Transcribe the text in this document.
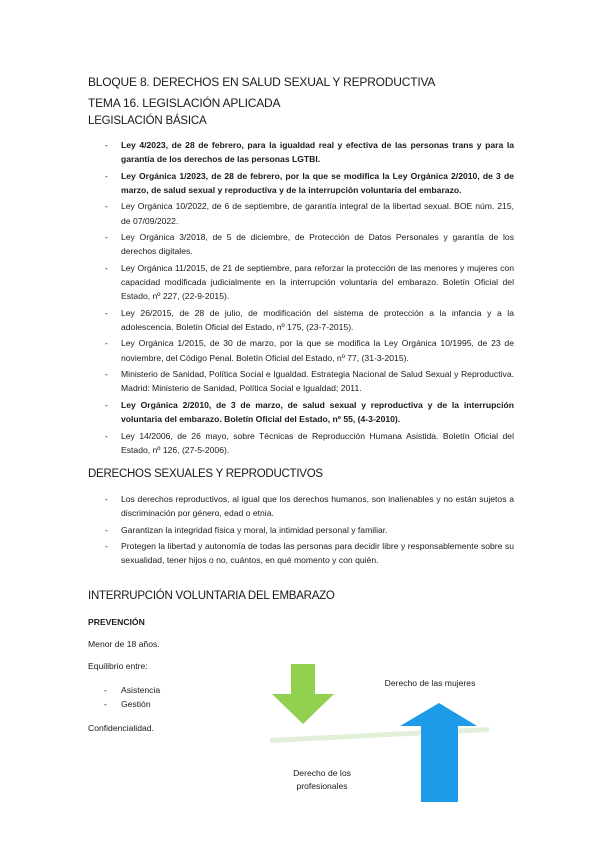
BLOQUE 8. DERECHOS EN SALUD SEXUAL Y REPRODUCTIVA

TEMA 16. LEGISLACIÓN APLICADA

LEGISLACIÓN BÁSICA

- Ley 4/2023, de 28 de febrero, para la igualdad real y efectiva de las personas trans y para la garantía de los derechos de las personas LGTBI.
- Ley Orgánica 1/2023, de 28 de febrero, por la que se modifica la Ley Orgánica 2/2010, de 3 de marzo, de salud sexual y reproductiva y de la interrupción voluntaria del embarazo.
- Ley Orgánica 10/2022, de 6 de septiembre, de garantía integral de la libertad sexual. BOE núm. 215, de 07/09/2022.
- Ley Orgánica 3/2018, de 5 de diciembre, de Protección de Datos Personales y garantía de los derechos digitales.
- Ley Orgánica 11/2015, de 21 de septiembre, para reforzar la protección de las menores y mujeres con capacidad modificada judicialmente en la interrupción voluntaria del embarazo. Boletín Oficial del Estado, nº 227, (22-9-2015).
- Ley 26/2015, de 28 de julio, de modificación del sistema de protección a la infancia y a la adolescencia. Boletín Oficial del Estado, nº 175, (23-7-2015).
- Ley Orgánica 1/2015, de 30 de marzo, por la que se modifica la Ley Orgánica 10/1995, de 23 de noviembre, del Código Penal. Boletín Oficial del Estado, nº 77, (31-3-2015).
- Ministerio de Sanidad, Política Social e Igualdad. Estrategia Nacional de Salud Sexual y Reproductiva. Madrid: Ministerio de Sanidad, Política Social e Igualdad; 2011.
- Ley Orgánica 2/2010, de 3 de marzo, de salud sexual y reproductiva y de la interrupción voluntaria del embarazo. Boletín Oficial del Estado, nº 55, (4-3-2010).
- Ley 14/2006, de 26 mayo, sobre Técnicas de Reproducción Humana Asistida. Boletín Oficial del Estado, nº 126, (27-5-2006).
DERECHOS SEXUALES Y REPRODUCTIVOS
- Los derechos reproductivos, al igual que los derechos humanos, son inalienables y no están sujetos a discriminación por género, edad o etnia.
- Garantizan la integridad física y moral, la intimidad personal y familiar.
- Protegen la libertad y autonomía de todas las personas para decidir libre y responsablemente sobre su sexualidad, tener hijos o no, cuántos, en qué momento y con quién.
INTERRUPCIÓN VOLUNTARIA DEL EMBARAZO
PREVENCIÓN
Menor de 18 años.
Equilibrio entre:
- Asistencia
- Gestión
Confidencialidad.
Derecho de las mujeres
Derecho de los profesionales
